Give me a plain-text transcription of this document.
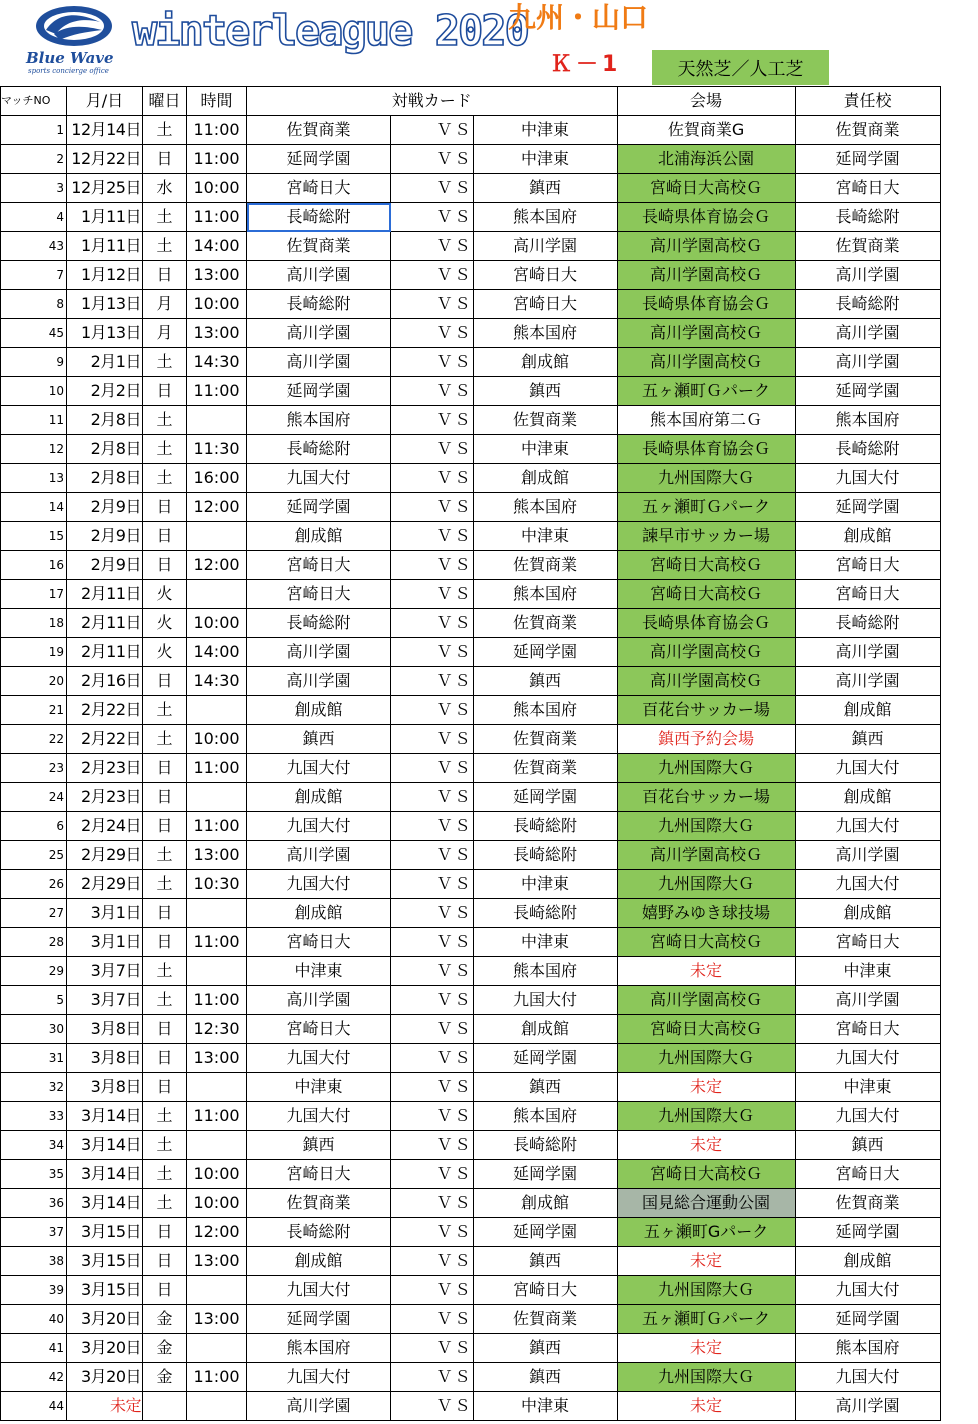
Blue Wave
sports concierge office
winterleague 2020
九州・山口
Ｋ－1	天然芝／人工芝
マッチNO	月/日	曜日	時間	対戦カード				会場	責任校
1	12月14日	土	11:00	佐賀商業		ＶＳ	中津東	佐賀商業G	佐賀商業
2	12月22日	日	11:00	延岡学園		ＶＳ	中津東	北浦海浜公園	延岡学園
3	12月25日	水	10:00	宮崎日大		ＶＳ	鎮西	宮崎日大高校Ｇ	宮崎日大
4	1月11日	土	11:00	長崎総附		ＶＳ	熊本国府	長崎県体育協会Ｇ	長崎総附
43	1月11日	土	14:00	佐賀商業		ＶＳ	高川学園	高川学園高校Ｇ	佐賀商業
7	1月12日	日	13:00	高川学園		ＶＳ	宮崎日大	高川学園高校Ｇ	高川学園
8	1月13日	月	10:00	長崎総附		ＶＳ	宮崎日大	長崎県体育協会Ｇ	長崎総附
45	1月13日	月	13:00	高川学園		ＶＳ	熊本国府	高川学園高校Ｇ	高川学園
9	2月1日	土	14:30	高川学園		ＶＳ	創成館	高川学園高校Ｇ	高川学園
10	2月2日	日	11:00	延岡学園		ＶＳ	鎮西	五ヶ瀬町Ｇパーク	延岡学園
11	2月8日	土		熊本国府		ＶＳ	佐賀商業	熊本国府第二Ｇ	熊本国府
12	2月8日	土	11:30	長崎総附		ＶＳ	中津東	長崎県体育協会Ｇ	長崎総附
13	2月8日	土	16:00	九国大付		ＶＳ	創成館	九州国際大Ｇ	九国大付
14	2月9日	日	12:00	延岡学園		ＶＳ	熊本国府	五ヶ瀬町Ｇパーク	延岡学園
15	2月9日	日		創成館		ＶＳ	中津東	諫早市サッカー場	創成館
16	2月9日	日	12:00	宮崎日大		ＶＳ	佐賀商業	宮崎日大高校Ｇ	宮崎日大
17	2月11日	火		宮崎日大		ＶＳ	熊本国府	宮崎日大高校Ｇ	宮崎日大
18	2月11日	火	10:00	長崎総附		ＶＳ	佐賀商業	長崎県体育協会Ｇ	長崎総附
19	2月11日	火	14:00	高川学園		ＶＳ	延岡学園	高川学園高校Ｇ	高川学園
20	2月16日	日	14:30	高川学園		ＶＳ	鎮西	高川学園高校Ｇ	高川学園
21	2月22日	土		創成館		ＶＳ	熊本国府	百花台サッカー場	創成館
22	2月22日	土	10:00	鎮西		ＶＳ	佐賀商業	鎮西予約会場	鎮西
23	2月23日	日	11:00	九国大付		ＶＳ	佐賀商業	九州国際大Ｇ	九国大付
24	2月23日	日		創成館		ＶＳ	延岡学園	百花台サッカー場	創成館
6	2月24日	日	11:00	九国大付		ＶＳ	長崎総附	九州国際大Ｇ	九国大付
25	2月29日	土	13:00	高川学園		ＶＳ	長崎総附	高川学園高校Ｇ	高川学園
26	2月29日	土	10:30	九国大付		ＶＳ	中津東	九州国際大Ｇ	九国大付
27	3月1日	日		創成館		ＶＳ	長崎総附	嬉野みゆき球技場	創成館
28	3月1日	日	11:00	宮崎日大		ＶＳ	中津東	宮崎日大高校Ｇ	宮崎日大
29	3月7日	土		中津東		ＶＳ	熊本国府	未定	中津東
5	3月7日	土	11:00	高川学園		ＶＳ	九国大付	高川学園高校Ｇ	高川学園
30	3月8日	日	12:30	宮崎日大		ＶＳ	創成館	宮崎日大高校Ｇ	宮崎日大
31	3月8日	日	13:00	九国大付		ＶＳ	延岡学園	九州国際大Ｇ	九国大付
32	3月8日	日		中津東		ＶＳ	鎮西	未定	中津東
33	3月14日	土	11:00	九国大付		ＶＳ	熊本国府	九州国際大Ｇ	九国大付
34	3月14日	土		鎮西		ＶＳ	長崎総附	未定	鎮西
35	3月14日	土	10:00	宮崎日大		ＶＳ	延岡学園	宮崎日大高校Ｇ	宮崎日大
36	3月14日	土	10:00	佐賀商業		ＶＳ	創成館	国見総合運動公園	佐賀商業
37	3月15日	日	12:00	長崎総附		ＶＳ	延岡学園	五ヶ瀬町Gパーク	延岡学園
38	3月15日	日	13:00	創成館		ＶＳ	鎮西	未定	創成館
39	3月15日	日		九国大付		ＶＳ	宮崎日大	九州国際大Ｇ	九国大付
40	3月20日	金	13:00	延岡学園		ＶＳ	佐賀商業	五ヶ瀬町Ｇパーク	延岡学園
41	3月20日	金		熊本国府		ＶＳ	鎮西	未定	熊本国府
42	3月20日	金	11:00	九国大付		ＶＳ	鎮西	九州国際大Ｇ	九国大付
44	未定			高川学園		ＶＳ	中津東	未定	高川学園
